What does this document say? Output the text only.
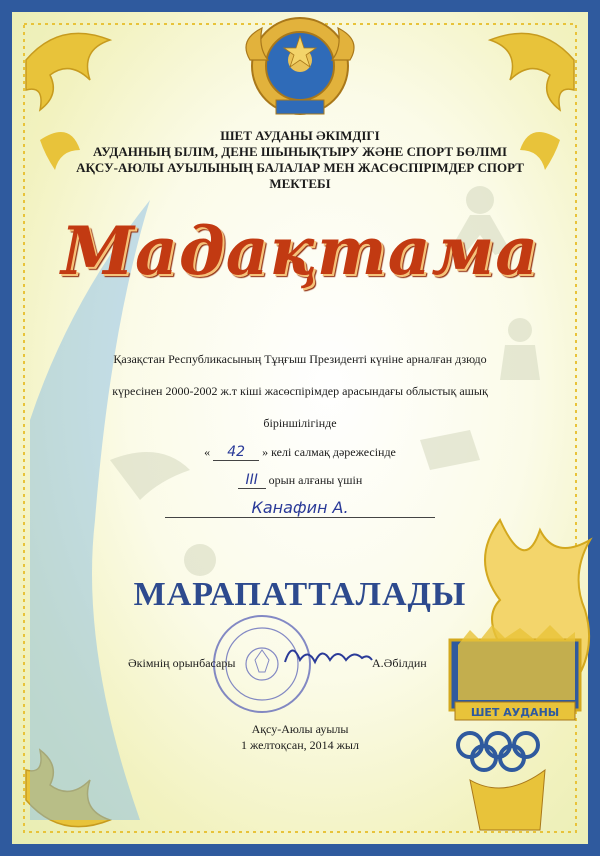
ШЕТ АУДАНЫ
ШЕТ АУДАНЫ ӘКІМДІГІ
АУДАННЫҢ БІЛІМ, ДЕНЕ ШЫНЫҚТЫРУ ЖӘНЕ СПОРТ БӨЛІМІ
АҚСУ-АЮЛЫ АУЫЛЫНЫҢ БАЛАЛАР МЕН ЖАСӨСПІРІМДЕР СПОРТ
МЕКТЕБІ
Мадақтама
Қазақстан Республикасының Тұңғыш Президенті күніне арналған дзюдо
күресінен 2000-2002 ж.т кіші жасөспірімдер арасындағы облыстық ашық
біріншілігінде
« 42 » келі салмақ дәрежесінде
III орын алғаны үшін
Канафин А.
МАРАПАТТАЛАДЫ
Әкімнің орынбасары	А.Әбілдин
Ақсу-Аюлы ауылы
1 желтоқсан, 2014 жыл
